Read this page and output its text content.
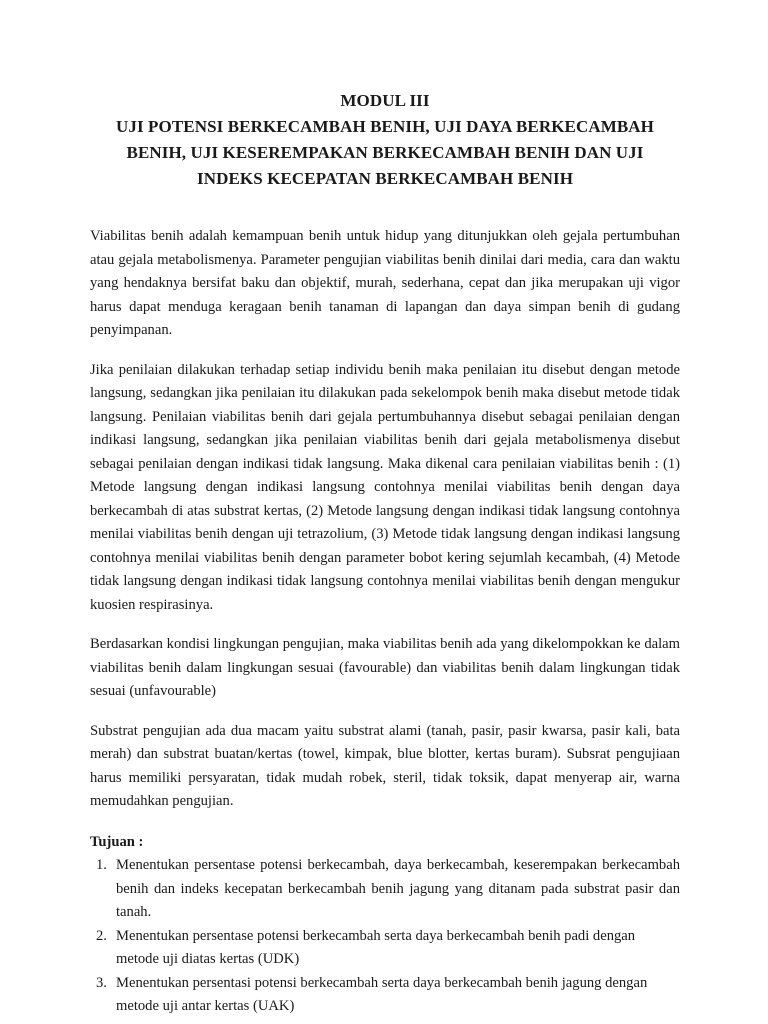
MODUL III
UJI POTENSI BERKECAMBAH BENIH, UJI DAYA BERKECAMBAH
BENIH, UJI KESEREMPAKAN BERKECAMBAH BENIH DAN UJI
INDEKS KECEPATAN BERKECAMBAH BENIH

Viabilitas benih adalah kemampuan benih untuk hidup yang ditunjukkan oleh gejala pertumbuhan atau gejala metabolismenya. Parameter pengujian viabilitas benih dinilai dari media, cara dan waktu yang hendaknya bersifat baku dan objektif, murah, sederhana, cepat dan jika merupakan uji vigor harus dapat menduga keragaan benih tanaman di lapangan dan daya simpan benih di gudang penyimpanan.

Jika penilaian dilakukan terhadap setiap individu benih maka penilaian itu disebut dengan metode langsung, sedangkan jika penilaian itu dilakukan pada sekelompok benih maka disebut metode tidak langsung. Penilaian viabilitas benih dari gejala pertumbuhannya disebut sebagai penilaian dengan indikasi langsung, sedangkan jika penilaian viabilitas benih dari gejala metabolismenya disebut sebagai penilaian dengan indikasi tidak langsung. Maka dikenal cara penilaian viabilitas benih : (1) Metode langsung dengan indikasi langsung contohnya menilai viabilitas benih dengan daya berkecambah di atas substrat kertas, (2) Metode langsung dengan indikasi tidak langsung contohnya menilai viabilitas benih dengan uji tetrazolium, (3) Metode tidak langsung dengan indikasi langsung contohnya menilai viabilitas benih dengan parameter bobot kering sejumlah kecambah, (4) Metode tidak langsung dengan indikasi tidak langsung contohnya menilai viabilitas benih dengan mengukur kuosien respirasinya.

Berdasarkan kondisi lingkungan pengujian, maka viabilitas benih ada yang dikelompokkan ke dalam viabilitas benih dalam lingkungan sesuai (favourable) dan viabilitas benih dalam lingkungan tidak sesuai (unfavourable)

Substrat pengujian ada dua macam yaitu substrat alami (tanah, pasir, pasir kwarsa, pasir kali, bata merah) dan substrat buatan/kertas (towel, kimpak, blue blotter, kertas buram). Subsrat pengujiaan harus memiliki persyaratan, tidak mudah robek, steril, tidak toksik, dapat menyerap air, warna memudahkan pengujian.

Tujuan :
1. Menentukan persentase potensi berkecambah, daya berkecambah, keserempakan berkecambah benih dan indeks kecepatan berkecambah benih jagung yang ditanam pada substrat pasir dan tanah.
2. Menentukan persentase potensi berkecambah serta daya berkecambah benih padi dengan metode uji diatas kertas (UDK)
3. Menentukan persentasi potensi berkecambah serta daya berkecambah benih jagung dengan metode uji antar kertas (UAK)
